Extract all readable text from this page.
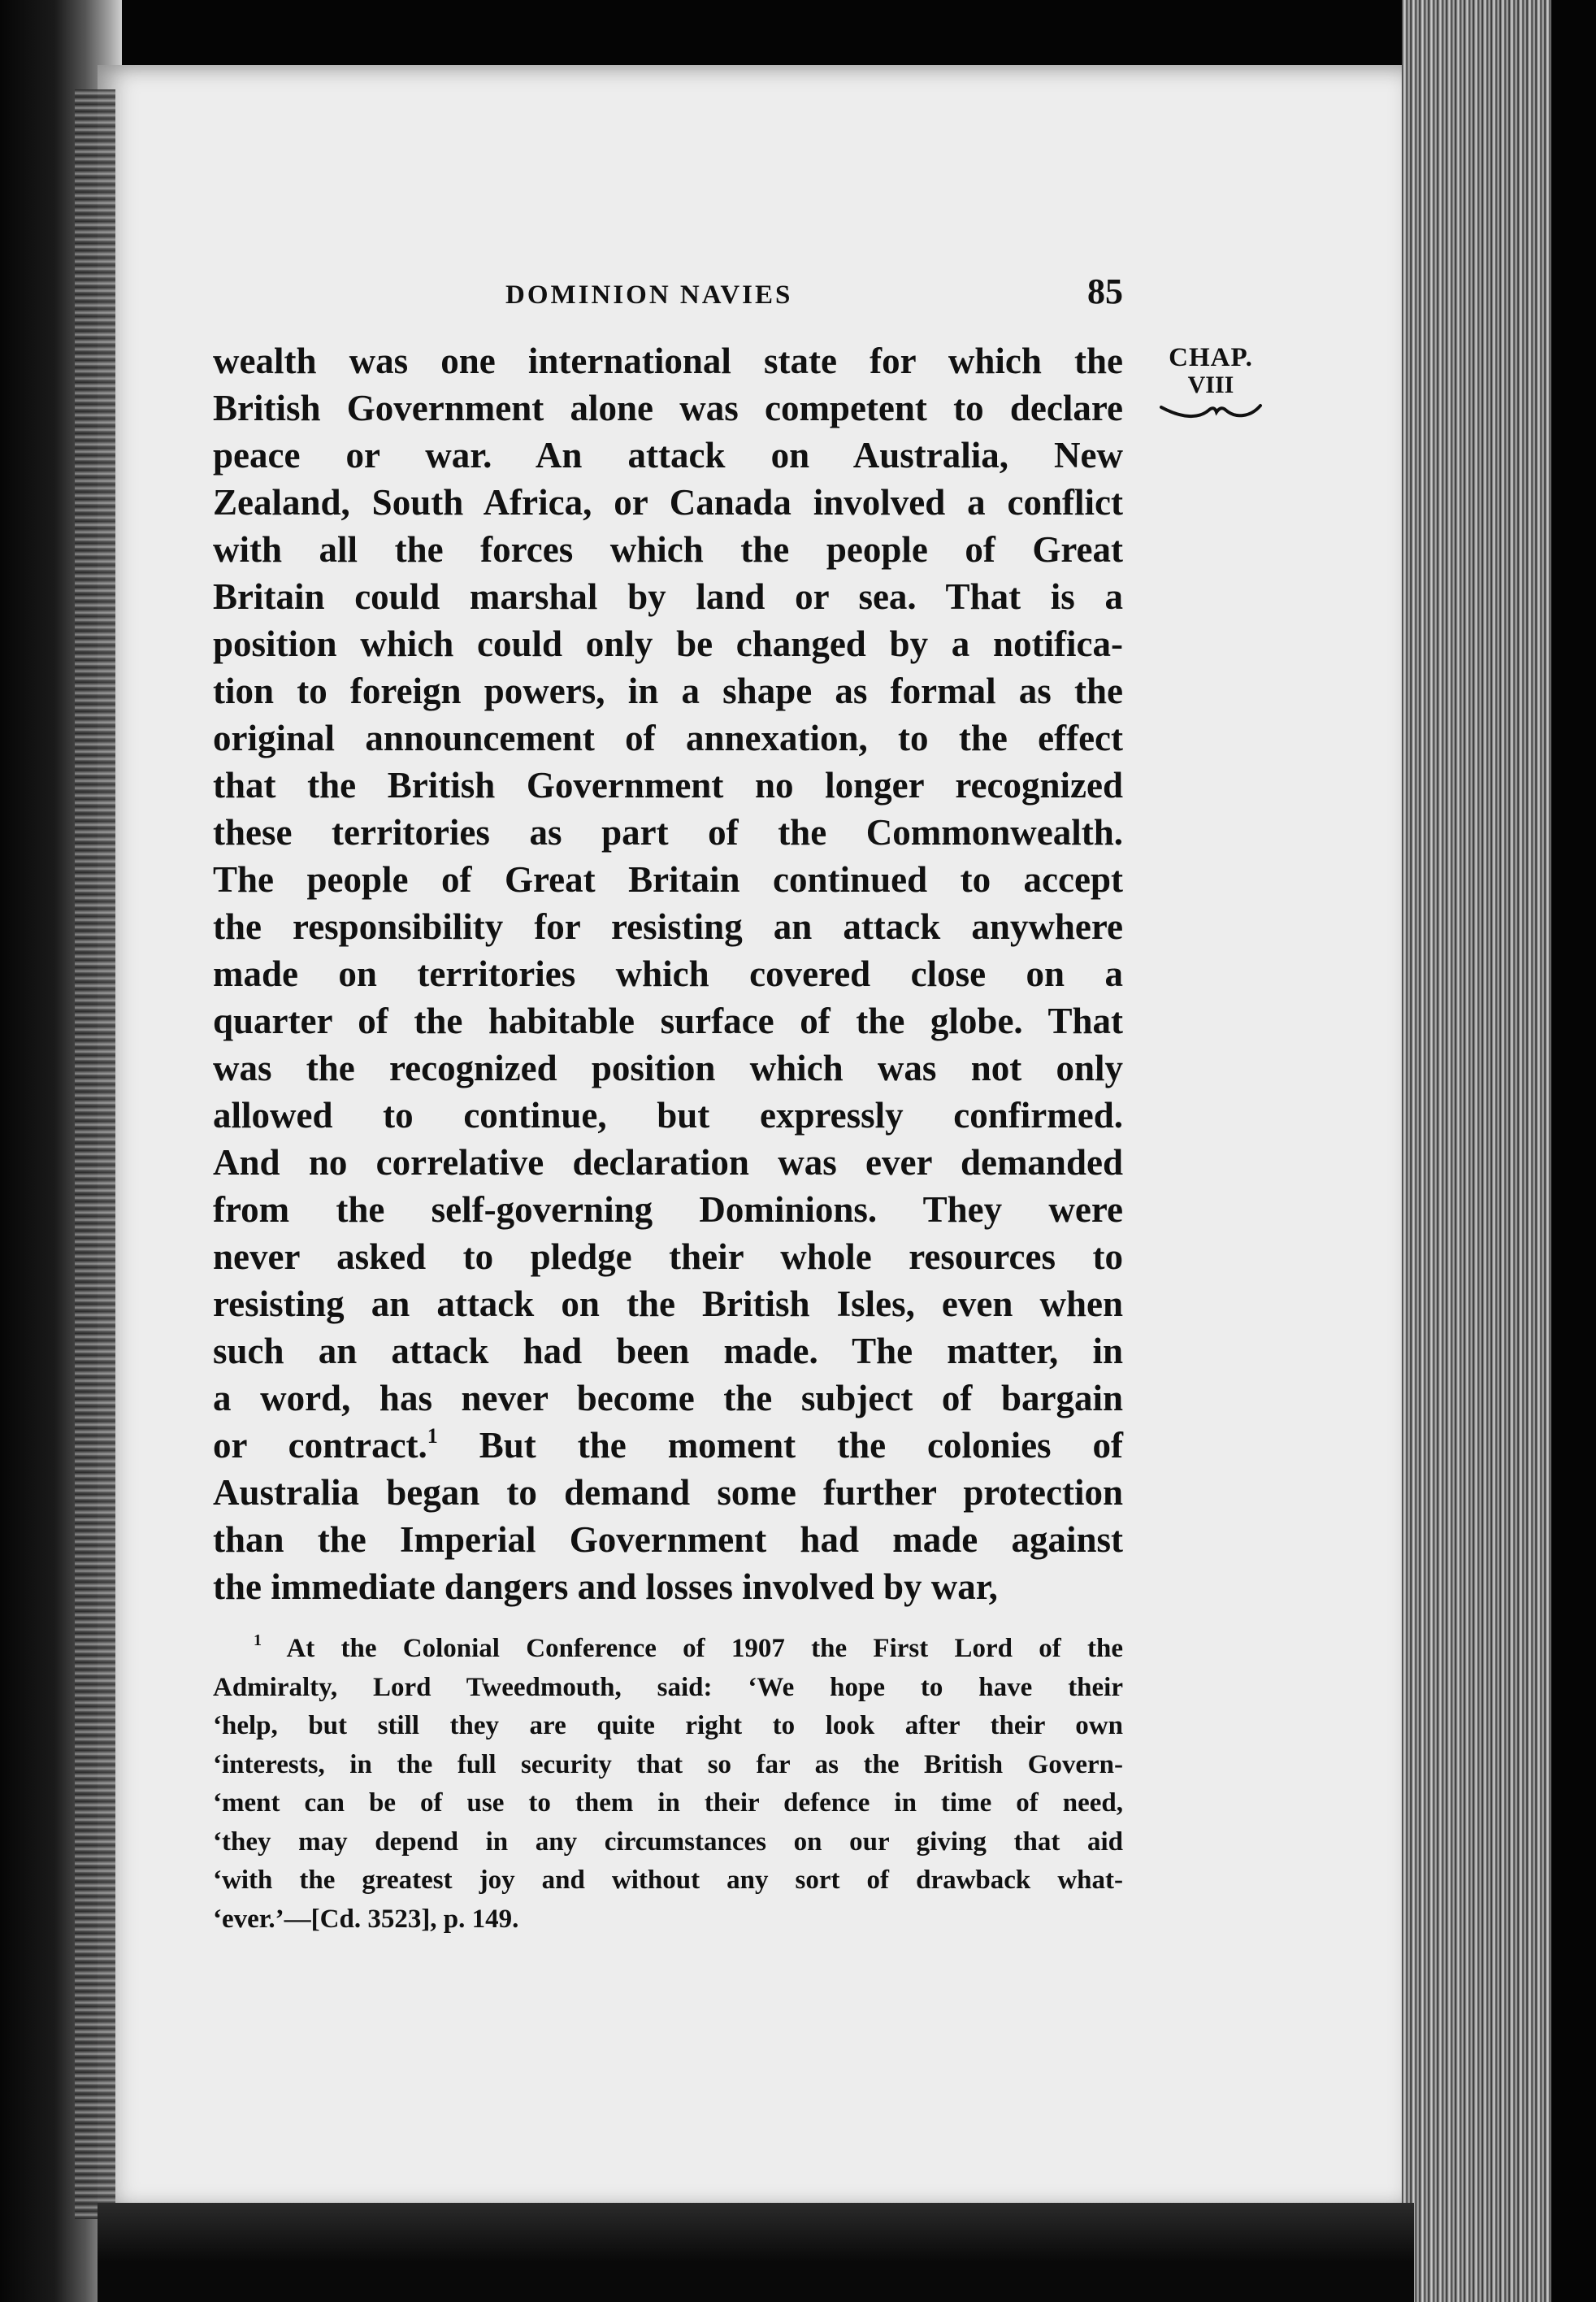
DOMINION NAVIES	85
CHAP.
VIII
wealth was one international state for which the
British Government alone was competent to declare
peace or war. An attack on Australia, New
Zealand, South Africa, or Canada involved a conflict
with all the forces which the people of Great
Britain could marshal by land or sea. That is a
position which could only be changed by a notifica-
tion to foreign powers, in a shape as formal as the
original announcement of annexation, to the effect
that the British Government no longer recognized
these territories as part of the Commonwealth.
The people of Great Britain continued to accept
the responsibility for resisting an attack anywhere
made on territories which covered close on a
quarter of the habitable surface of the globe. That
was the recognized position which was not only
allowed to continue, but expressly confirmed.
And no correlative declaration was ever demanded
from the self-governing Dominions. They were
never asked to pledge their whole resources to
resisting an attack on the British Isles, even when
such an attack had been made. The matter, in
a word, has never become the subject of bargain
or contract.$^1$ But the moment the colonies of
Australia began to demand some further protection
than the Imperial Government had made against
the immediate dangers and losses involved by war,
$^1$ At the Colonial Conference of 1907 the First Lord of the
Admiralty, Lord Tweedmouth, said: ‘We hope to have their
‘help, but still they are quite right to look after their own
‘interests, in the full security that so far as the British Govern-
‘ment can be of use to them in their defence in time of need,
‘they may depend in any circumstances on our giving that aid
‘with the greatest joy and without any sort of drawback what-
‘ever.’—[Cd. 3523], p. 149.
